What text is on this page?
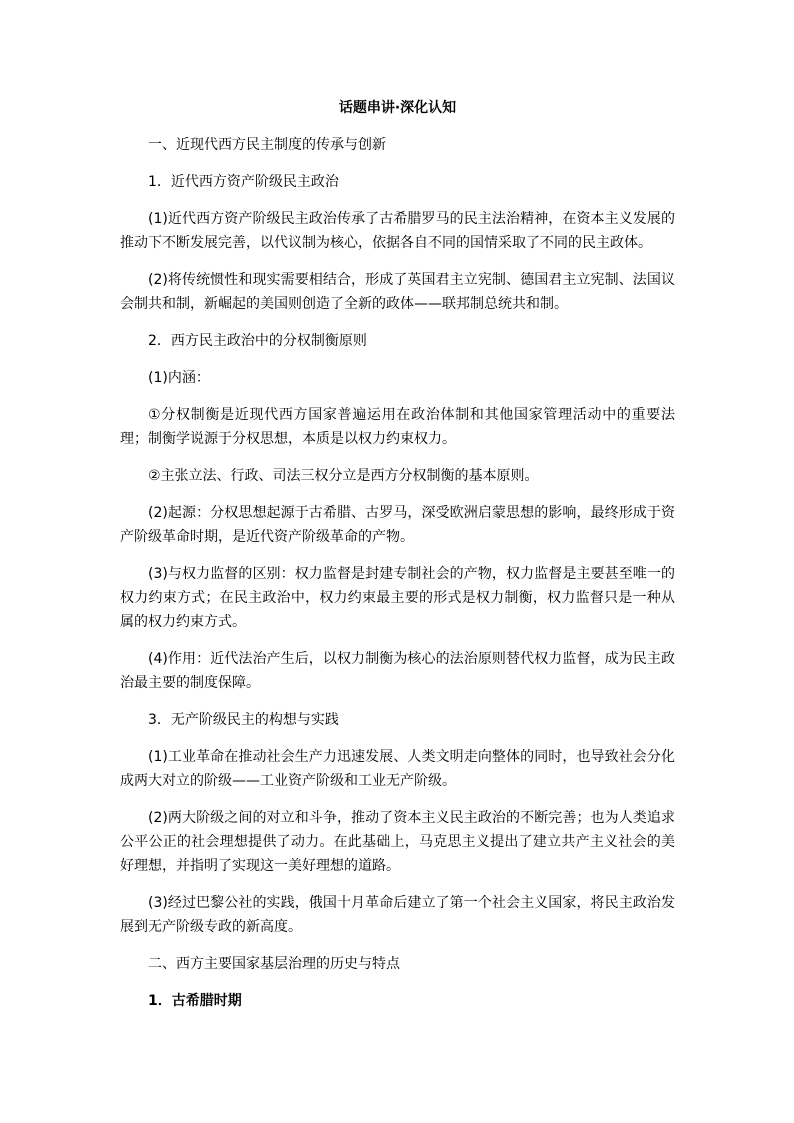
话题串讲·深化认知
一、近现代西方民主制度的传承与创新
1．近代西方资产阶级民主政治
(1)近代西方资产阶级民主政治传承了古希腊罗马的民主法治精神，在资本主义发展的推动下不断发展完善，以代议制为核心，依据各自不同的国情采取了不同的民主政体。
(2)将传统惯性和现实需要相结合，形成了英国君主立宪制、德国君主立宪制、法国议会制共和制，新崛起的美国则创造了全新的政体——联邦制总统共和制。
2．西方民主政治中的分权制衡原则
(1)内涵：
①分权制衡是近现代西方国家普遍运用在政治体制和其他国家管理活动中的重要法理；制衡学说源于分权思想，本质是以权力约束权力。
②主张立法、行政、司法三权分立是西方分权制衡的基本原则。
(2)起源：分权思想起源于古希腊、古罗马，深受欧洲启蒙思想的影响，最终形成于资产阶级革命时期，是近代资产阶级革命的产物。
(3)与权力监督的区别：权力监督是封建专制社会的产物，权力监督是主要甚至唯一的权力约束方式；在民主政治中，权力约束最主要的形式是权力制衡，权力监督只是一种从属的权力约束方式。
(4)作用：近代法治产生后，以权力制衡为核心的法治原则替代权力监督，成为民主政治最主要的制度保障。
3．无产阶级民主的构想与实践
(1)工业革命在推动社会生产力迅速发展、人类文明走向整体的同时，也导致社会分化成两大对立的阶级——工业资产阶级和工业无产阶级。
(2)两大阶级之间的对立和斗争，推动了资本主义民主政治的不断完善；也为人类追求公平公正的社会理想提供了动力。在此基础上，马克思主义提出了建立共产主义社会的美好理想，并指明了实现这一美好理想的道路。
(3)经过巴黎公社的实践，俄国十月革命后建立了第一个社会主义国家，将民主政治发展到无产阶级专政的新高度。
二、西方主要国家基层治理的历史与特点
1．古希腊时期
